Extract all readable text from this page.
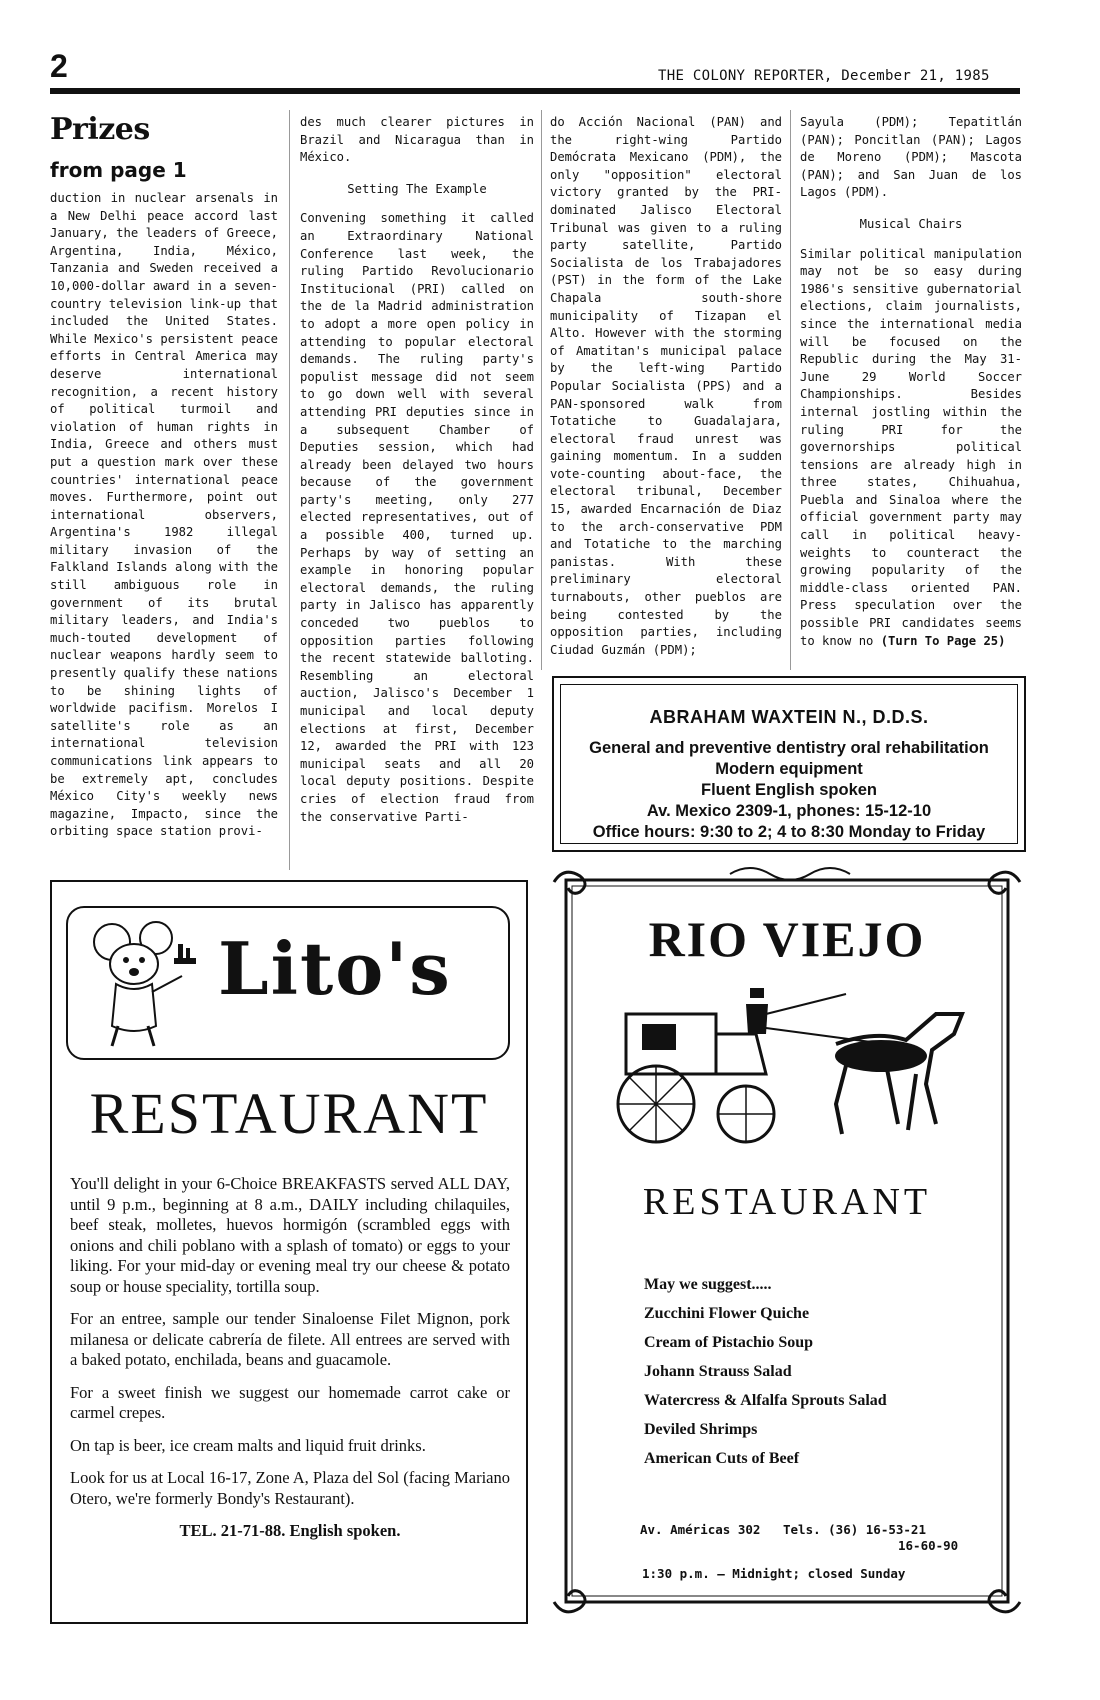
2	THE COLONY REPORTER, December 21, 1985
Prizes
from page 1

duction in nuclear arsenals in a New Delhi peace accord last January, the leaders of Greece, Argentina, India, México, Tanzania and Sweden received a 10,000-dollar award in a seven-country television link-up that included the United States. While Mexico's persistent peace efforts in Central America may deserve international recognition, a recent history of political turmoil and violation of human rights in India, Greece and others must put a question mark over these countries' international peace moves. Furthermore, point out international observers, Argentina's 1982 illegal military invasion of the Falkland Islands along with the still ambiguous role in government of its brutal military leaders, and India's much-touted development of nuclear weapons hardly seem to presently qualify these nations to be shining lights of worldwide pacifism. Morelos I satellite's role as an international television communications link appears to be extremely apt, concludes México City's weekly news magazine, Impacto, since the orbiting space station provi-

des much clearer pictures in Brazil and Nicaragua than in México.

Setting The Example

Convening something it called an Extraordinary National Conference last week, the ruling Partido Revolucionario Institucional (PRI) called on the de la Madrid administration to adopt a more open policy in attending to popular electoral demands. The ruling party's populist message did not seem to go down well with several attending PRI deputies since in a subsequent Chamber of Deputies session, which had already been delayed two hours because of the government party's meeting, only 277 elected representatives, out of a possible 400, turned up. Perhaps by way of setting an example in honoring popular electoral demands, the ruling party in Jalisco has apparently conceded two pueblos to opposition parties following the recent statewide balloting. Resembling an electoral auction, Jalisco's December 1 municipal and local deputy elections at first, December 12, awarded the PRI with 123 municipal seats and all 20 local deputy positions. Despite cries of election fraud from the conservative Parti-

do Acción Nacional (PAN) and the right-wing Partido Demócrata Mexicano (PDM), the only "opposition" electoral victory granted by the PRI-dominated Jalisco Electoral Tribunal was given to a ruling party satellite, Partido Socialista de los Trabajadores (PST) in the form of the Lake Chapala south-shore municipality of Tizapan el Alto. However with the storming of Amatitan's municipal palace by the left-wing Partido Popular Socialista (PPS) and a PAN-sponsored walk from Totatiche to Guadalajara, electoral fraud unrest was gaining momentum. In a sudden vote-counting about-face, the electoral tribunal, December 15, awarded Encarnación de Diaz to the arch-conservative PDM and Totatiche to the marching panistas. With these preliminary electoral turnabouts, other pueblos are being contested by the opposition parties, including Ciudad Guzmán (PDM);

Sayula (PDM); Tepatitlán (PAN); Poncitlan (PAN); Lagos de Moreno (PDM); Mascota (PAN); and San Juan de los Lagos (PDM).

Musical Chairs

Similar political manipulation may not be so easy during 1986's sensitive gubernatorial elections, claim journalists, since the international media will be focused on the Republic during the May 31-June 29 World Soccer Championships. Besides internal jostling within the ruling PRI for the governorships political tensions are already high in three states, Chihuahua, Puebla and Sinaloa where the official government party may call in political heavy-weights to counteract the growing popularity of the middle-class oriented PAN. Press speculation over the possible PRI candidates seems to know no (Turn To Page 25)

ABRAHAM WAXTEIN N., D.D.S.
General and preventive dentistry oral rehabilitation
Modern equipment
Fluent English spoken
Av. Mexico 2309-1, phones: 15-12-10
Office hours: 9:30 to 2; 4 to 8:30 Monday to Friday
Lito's
RESTAURANT

You'll delight in your 6-Choice BREAKFASTS served ALL DAY, until 9 p.m., beginning at 8 a.m., DAILY including chilaquiles, beef steak, molletes, huevos hormigón (scrambled eggs with onions and chili poblano with a splash of tomato) or eggs to your liking. For your mid-day or evening meal try our cheese & potato soup or house speciality, tortilla soup.

For an entree, sample our tender Sinaloense Filet Mignon, pork milanesa or delicate cabrería de filete. All entrees are served with a baked potato, enchilada, beans and guacamole.

For a sweet finish we suggest our homemade carrot cake or carmel crepes.

On tap is beer, ice cream malts and liquid fruit drinks.

Look for us at Local 16-17, Zone A, Plaza del Sol (facing Mariano Otero, we're formerly Bondy's Restaurant).

TEL. 21-71-88. English spoken.

RIO VIEJO
RESTAURANT
May we suggest.....
Zucchini Flower Quiche
Cream of Pistachio Soup
Johann Strauss Salad
Watercress & Alfalfa Sprouts Salad
Deviled Shrimps
American Cuts of Beef
Av. Américas 302 Tels. (36) 16-53-21
16-60-90
1:30 p.m. — Midnight; closed Sunday
